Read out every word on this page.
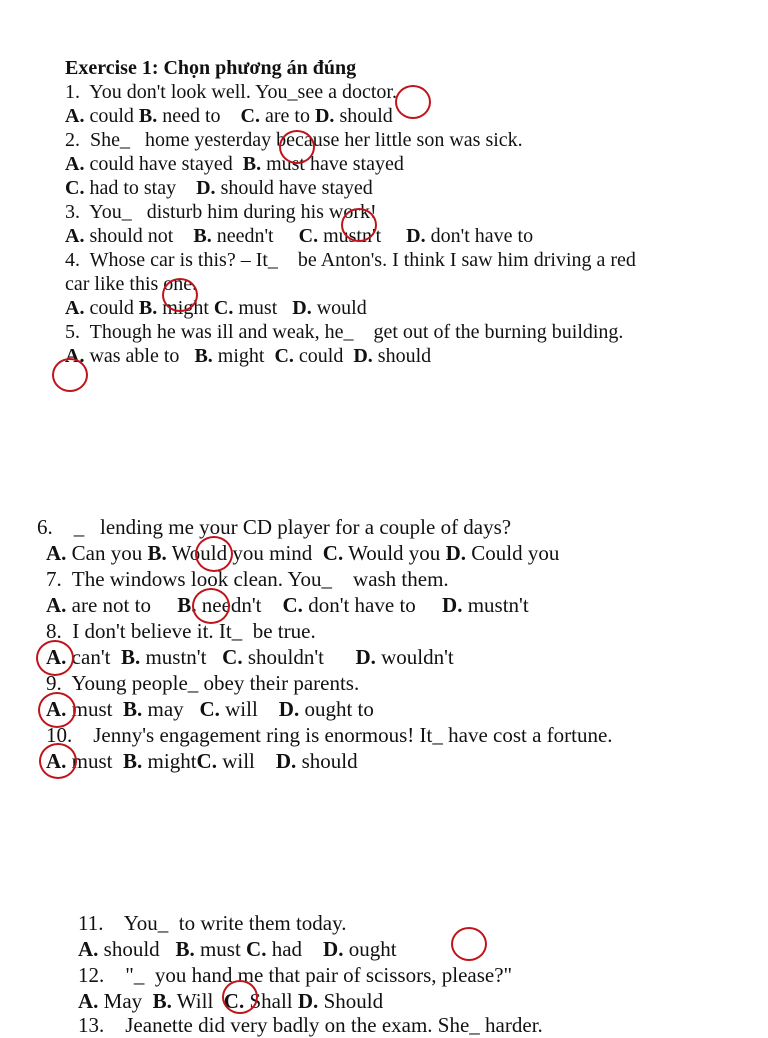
Exercise 1: Chọn phương án đúng
1.  You don't look well. You_see a doctor.
A. could B. need to    C. are to D. should
2.  She_   home yesterday because her little son was sick.
A. could have stayed  B. must have stayed
C. had to stay    D. should have stayed
3.  You_   disturb him during his work!
A. should not    B. needn't     C. mustn't     D. don't have to
4.  Whose car is this? – It_    be Anton's. I think I saw him driving a red
car like this one.
A. could B. might C. must   D. would
5.  Though he was ill and weak, he_    get out of the burning building.
A. was able to   B. might  C. could  D. should
6.    _   lending me your CD player for a couple of days?
A. Can you B. Would you mind  C. Would you D. Could you
7.  The windows look clean. You_    wash them.
A. are not to     B. needn't    C. don't have to     D. mustn't
8.  I don't believe it. It_  be true.
A. can't  B. mustn't   C. shouldn't      D. wouldn't
9.  Young people_ obey their parents.
A. must  B. may   C. will    D. ought to
10.    Jenny's engagement ring is enormous! It_ have cost a fortune.
A. must  B. mightC. will    D. should
11.    You_  to write them today.
A. should   B. must C. had    D. ought
12.    "_  you hand me that pair of scissors, please?"
A. May  B. Will  C. Shall D. Should
13.    Jeanette did very badly on the exam. She_ harder.
